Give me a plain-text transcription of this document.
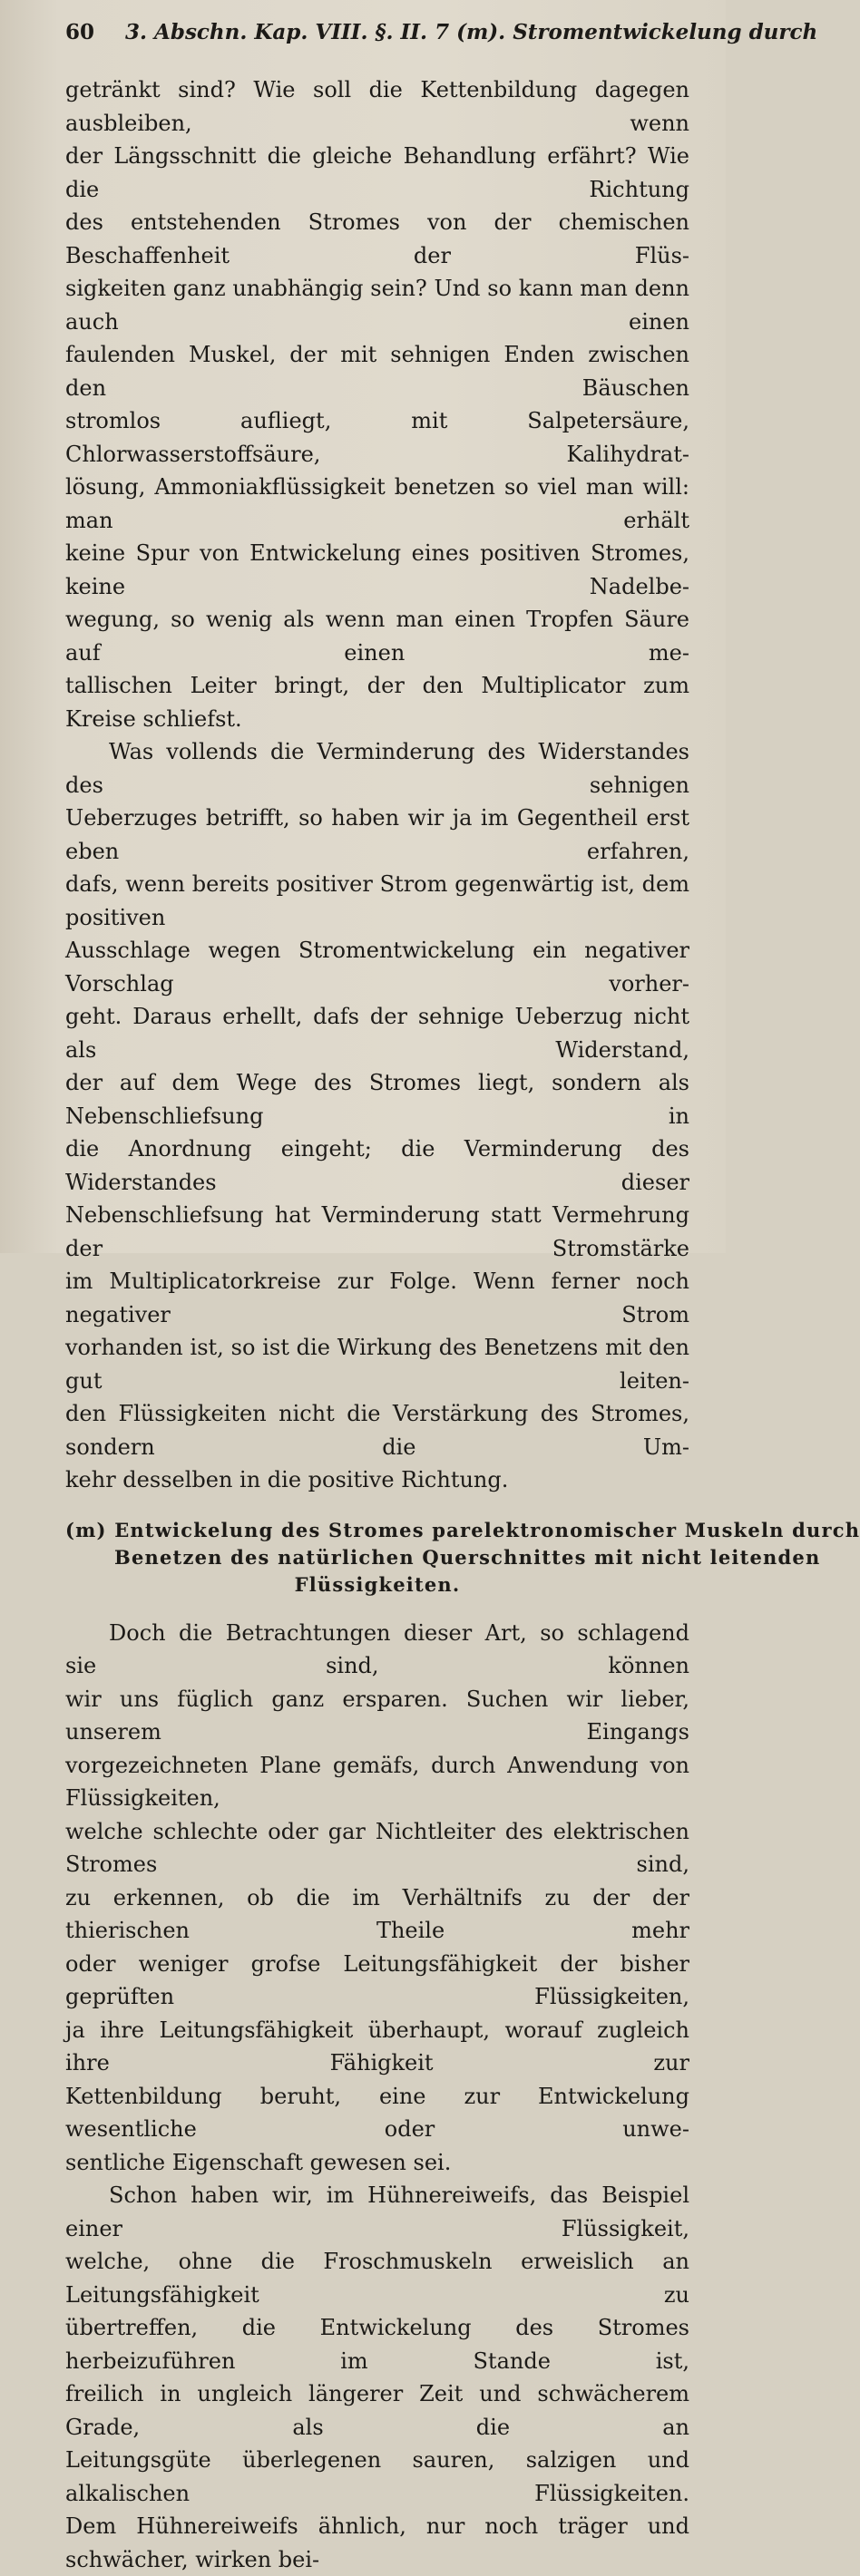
60 3. Abschn. Kap. VIII. §. II. 7 (m). Stromentwickelung durch

getränkt sind? Wie soll die Kettenbildung dagegen ausbleiben, wenn

der Längsschnitt die gleiche Behandlung erfährt? Wie die Richtung

des entstehenden Stromes von der chemischen Beschaffenheit der Flüs-

sigkeiten ganz unabhängig sein? Und so kann man denn auch einen

faulenden Muskel, der mit sehnigen Enden zwischen den Bäuschen

stromlos aufliegt, mit Salpetersäure, Chlorwasserstoffsäure, Kalihydrat-

lösung, Ammoniakflüssigkeit benetzen so viel man will: man erhält

keine Spur von Entwickelung eines positiven Stromes, keine Nadelbe-

wegung, so wenig als wenn man einen Tropfen Säure auf einen me-

tallischen Leiter bringt, der den Multiplicator zum Kreise schliefst.

Was vollends die Verminderung des Widerstandes des sehnigen

Ueberzuges betrifft, so haben wir ja im Gegentheil erst eben erfahren,

dafs, wenn bereits positiver Strom gegenwärtig ist, dem positiven

Ausschlage wegen Stromentwickelung ein negativer Vorschlag vorher-

geht. Daraus erhellt, dafs der sehnige Ueberzug nicht als Widerstand,

der auf dem Wege des Stromes liegt, sondern als Nebenschliefsung in

die Anordnung eingeht; die Verminderung des Widerstandes dieser

Nebenschliefsung hat Verminderung statt Vermehrung der Stromstärke

im Multiplicatorkreise zur Folge. Wenn ferner noch negativer Strom

vorhanden ist, so ist die Wirkung des Benetzens mit den gut leiten-

den Flüssigkeiten nicht die Verstärkung des Stromes, sondern die Um-

kehr desselben in die positive Richtung.

(m) Entwickelung des Stromes parelektronomischer Muskeln durch
Benetzen des natürlichen Querschnittes mit nicht leitenden
Flüssigkeiten.

Doch die Betrachtungen dieser Art, so schlagend sie sind, können

wir uns füglich ganz ersparen. Suchen wir lieber, unserem Eingangs

vorgezeichneten Plane gemäfs, durch Anwendung von Flüssigkeiten,

welche schlechte oder gar Nichtleiter des elektrischen Stromes sind,

zu erkennen, ob die im Verhältnifs zu der der thierischen Theile mehr

oder weniger grofse Leitungsfähigkeit der bisher geprüften Flüssigkeiten,

ja ihre Leitungsfähigkeit überhaupt, worauf zugleich ihre Fähigkeit zur

Kettenbildung beruht, eine zur Entwickelung wesentliche oder unwe-

sentliche Eigenschaft gewesen sei.

Schon haben wir, im Hühnereiweifs, das Beispiel einer Flüssigkeit,

welche, ohne die Froschmuskeln erweislich an Leitungsfähigkeit zu

übertreffen, die Entwickelung des Stromes herbeizuführen im Stande ist,

freilich in ungleich längerer Zeit und schwächerem Grade, als die an

Leitungsgüte überlegenen sauren, salzigen und alkalischen Flüssigkeiten.

Dem Hühnereiweifs ähnlich, nur noch träger und schwächer, wirken bei-
